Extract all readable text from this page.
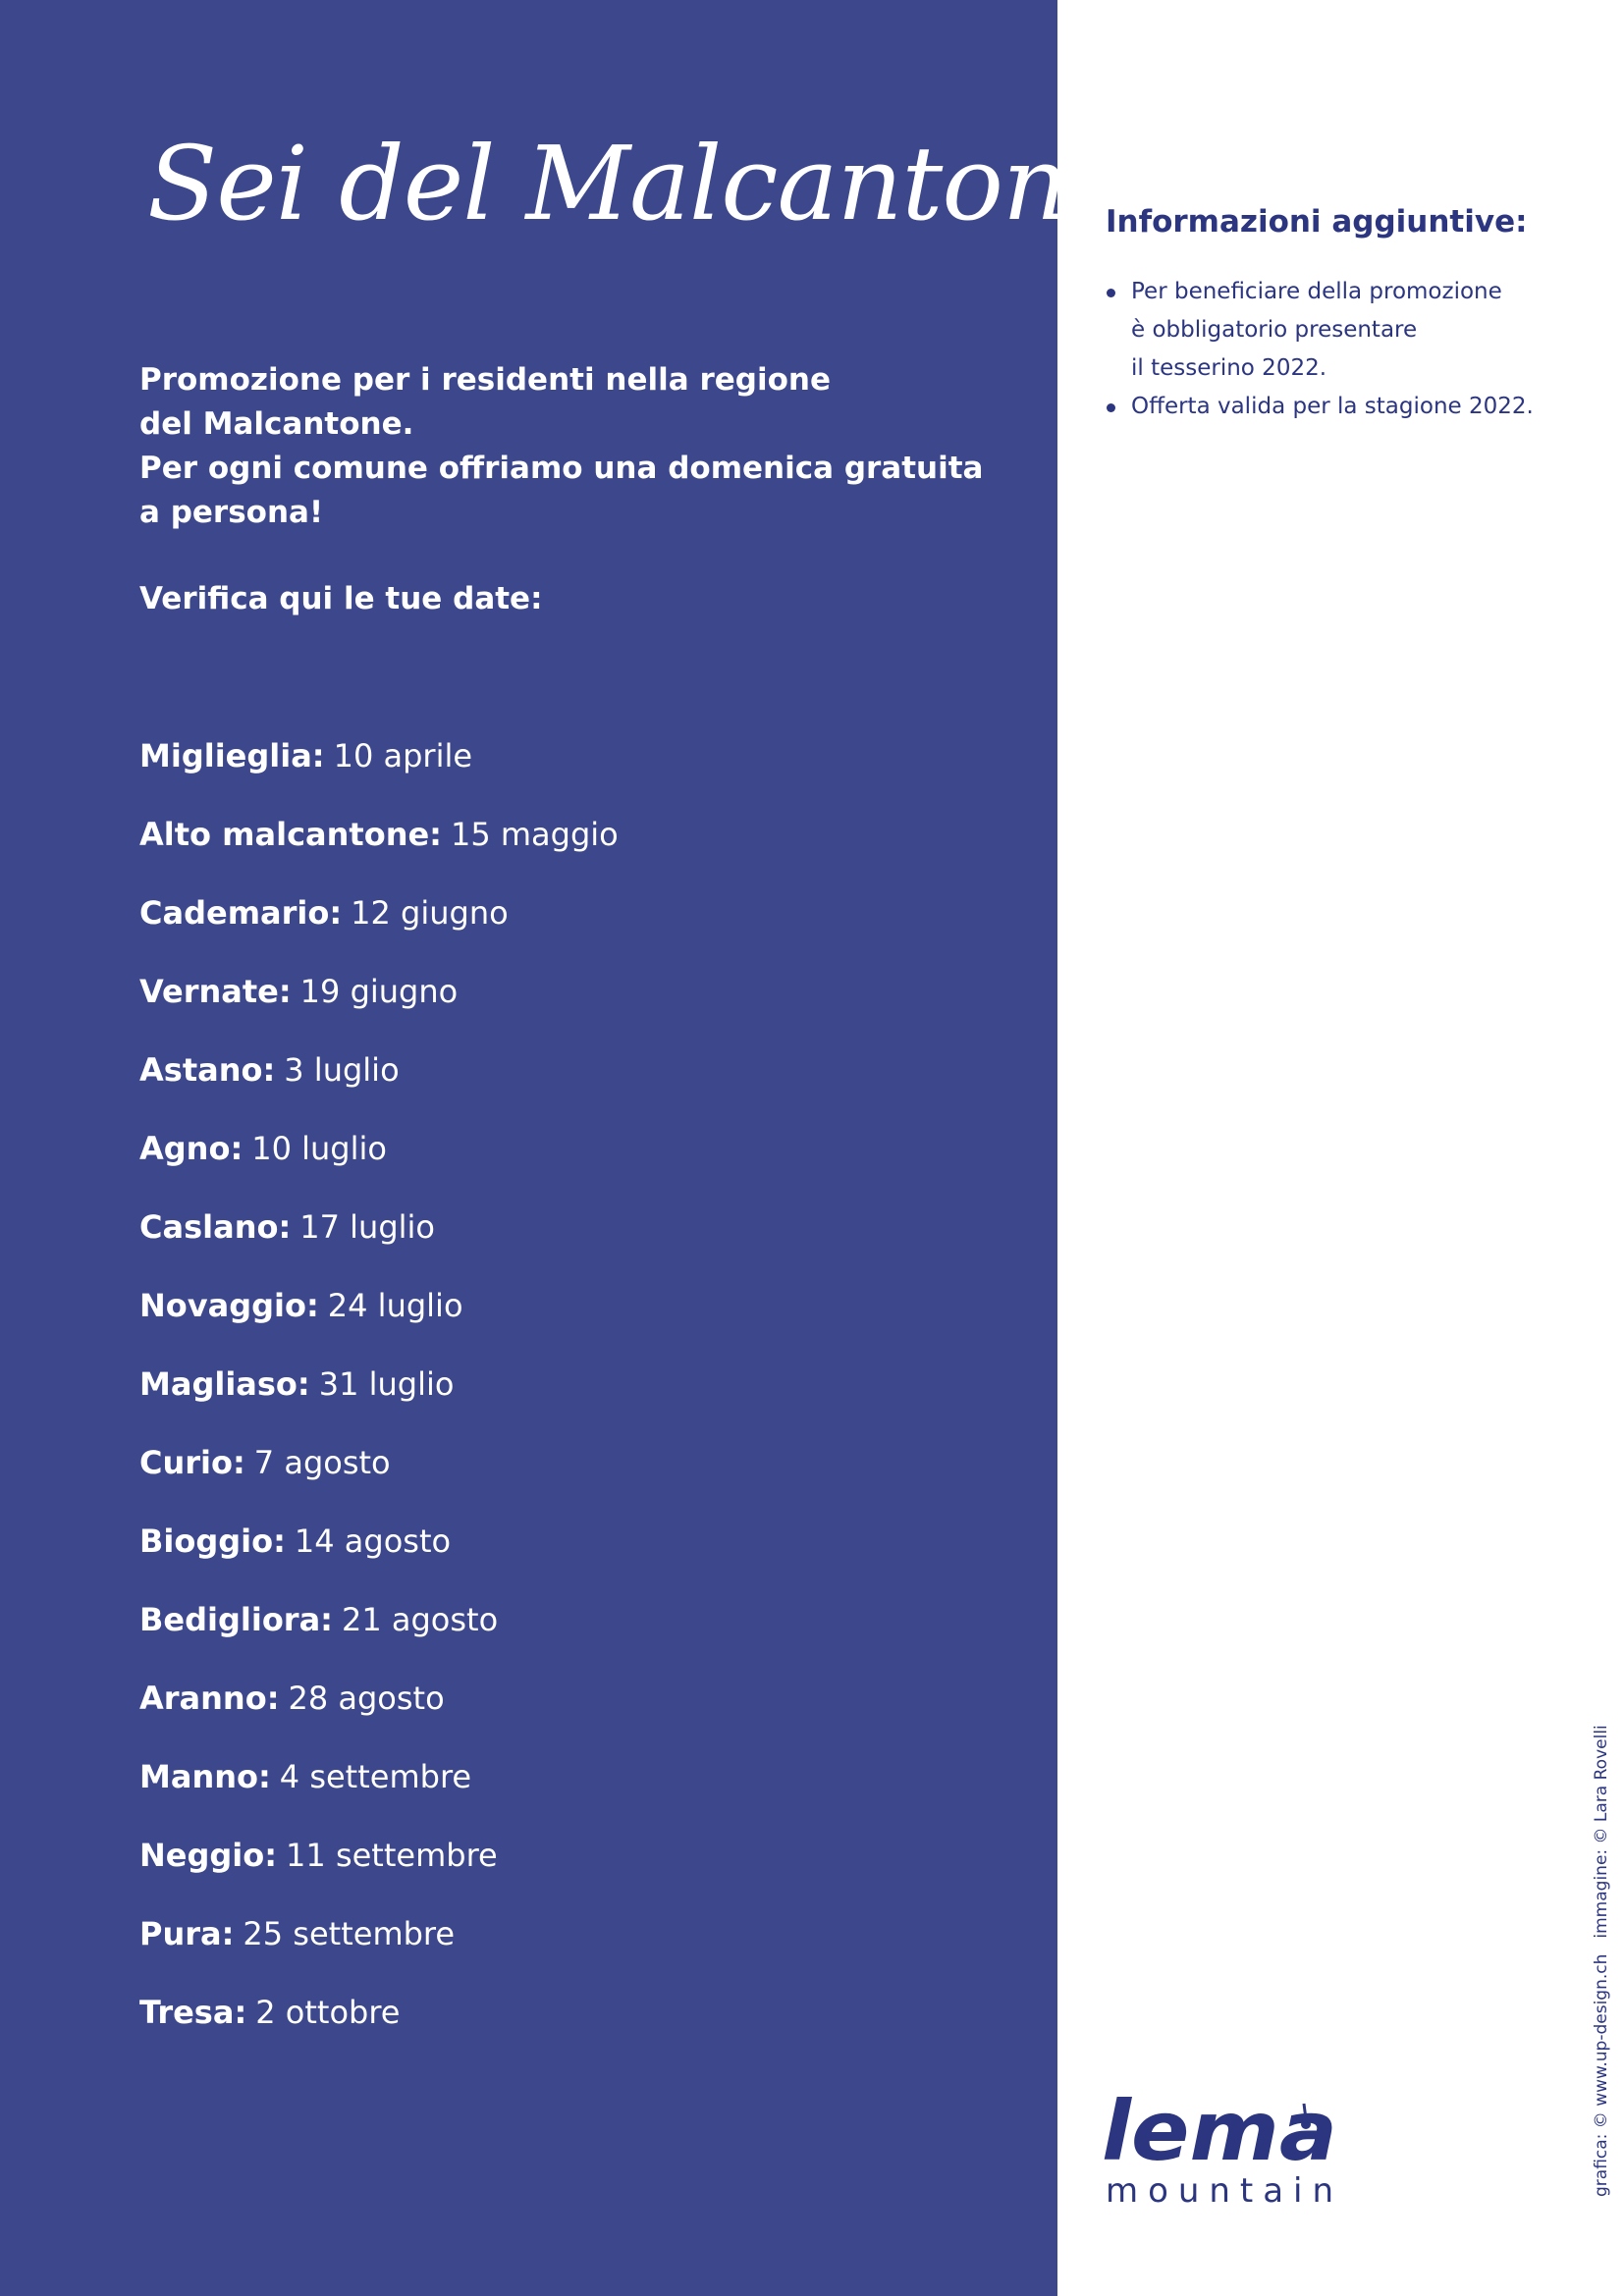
Sei del Malcantone?
Promozione per i residenti nella regione
del Malcantone.
Per ogni comune offriamo una domenica gratuita
a persona!
Verifica qui le tue date:
Miglieglia: 10 aprile
Alto malcantone: 15 maggio
Cademario: 12 giugno
Vernate: 19 giugno
Astano: 3 luglio
Agno: 10 luglio
Caslano: 17 luglio
Novaggio: 24 luglio
Magliaso: 31 luglio
Curio: 7 agosto
Bioggio: 14 agosto
Bedigliora: 21 agosto
Aranno: 28 agosto
Manno: 4 settembre
Neggio: 11 settembre
Pura: 25 settembre
Tresa: 2 ottobre
Informazioni aggiuntive:
Per beneficiare della promozione
è obbligatorio presentare
il tesserino 2022.
Offerta valida per la stagione 2022.
lema
mountain	grafica: © www.up-design.chimmagine: © Lara Rovelli
